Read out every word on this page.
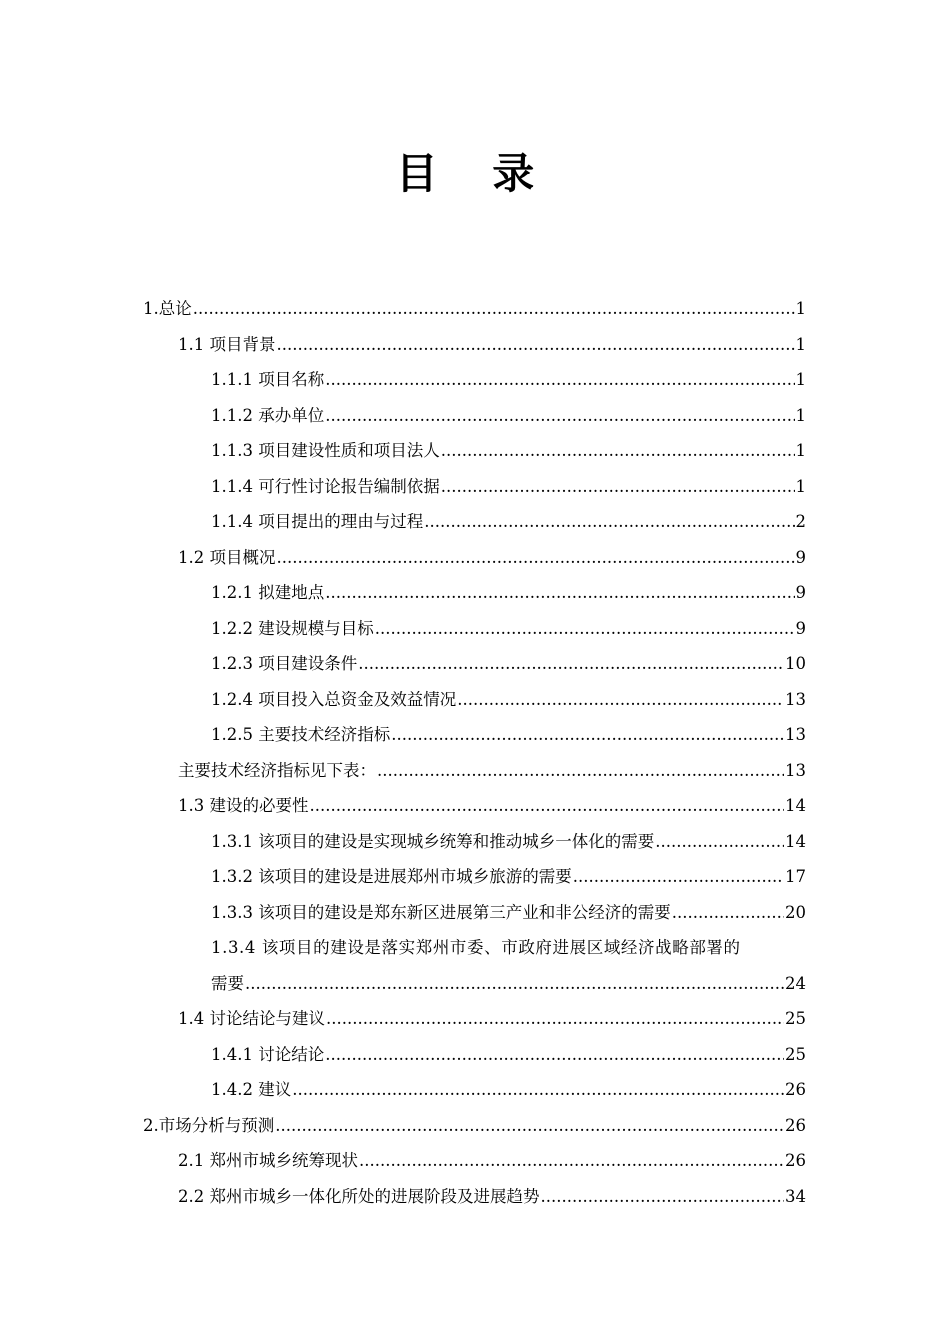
目 录
1.总论 .....	1
1.1 项目背景 .....	1
1.1.1 项目名称 .....	1
1.1.2 承办单位 .....	1
1.1.3 项目建设性质和项目法人 .....	1
1.1.4 可行性讨论报告编制依据 .....	1
1.1.4 项目提出的理由与过程 .....	2
1.2 项目概况 .....	9
1.2.1 拟建地点 .....	9
1.2.2 建设规模与目标 .....	9
1.2.3 项目建设条件 .....	10
1.2.4 项目投入总资金及效益情况 .....	13
1.2.5 主要技术经济指标 .....	13
主要技术经济指标见下表： .....	13
1.3 建设的必要性 .....	14
1.3.1 该项目的建设是实现城乡统筹和推动城乡一体化的需要 .....	14
1.3.2 该项目的建设是进展郑州市城乡旅游的需要 .....	17
1.3.3 该项目的建设是郑东新区进展第三产业和非公经济的需要 .....	20
1.3.4 该项目的建设是落实郑州市委、市政府进展区域经济战略部署的
需要 .....	24
1.4 讨论结论与建议 .....	25
1.4.1 讨论结论 .....	25
1.4.2 建议 .....	26
2.市场分析与预测 .....	26
2.1 郑州市城乡统筹现状 .....	26
2.2 郑州市城乡一体化所处的进展阶段及进展趋势 .....	34
